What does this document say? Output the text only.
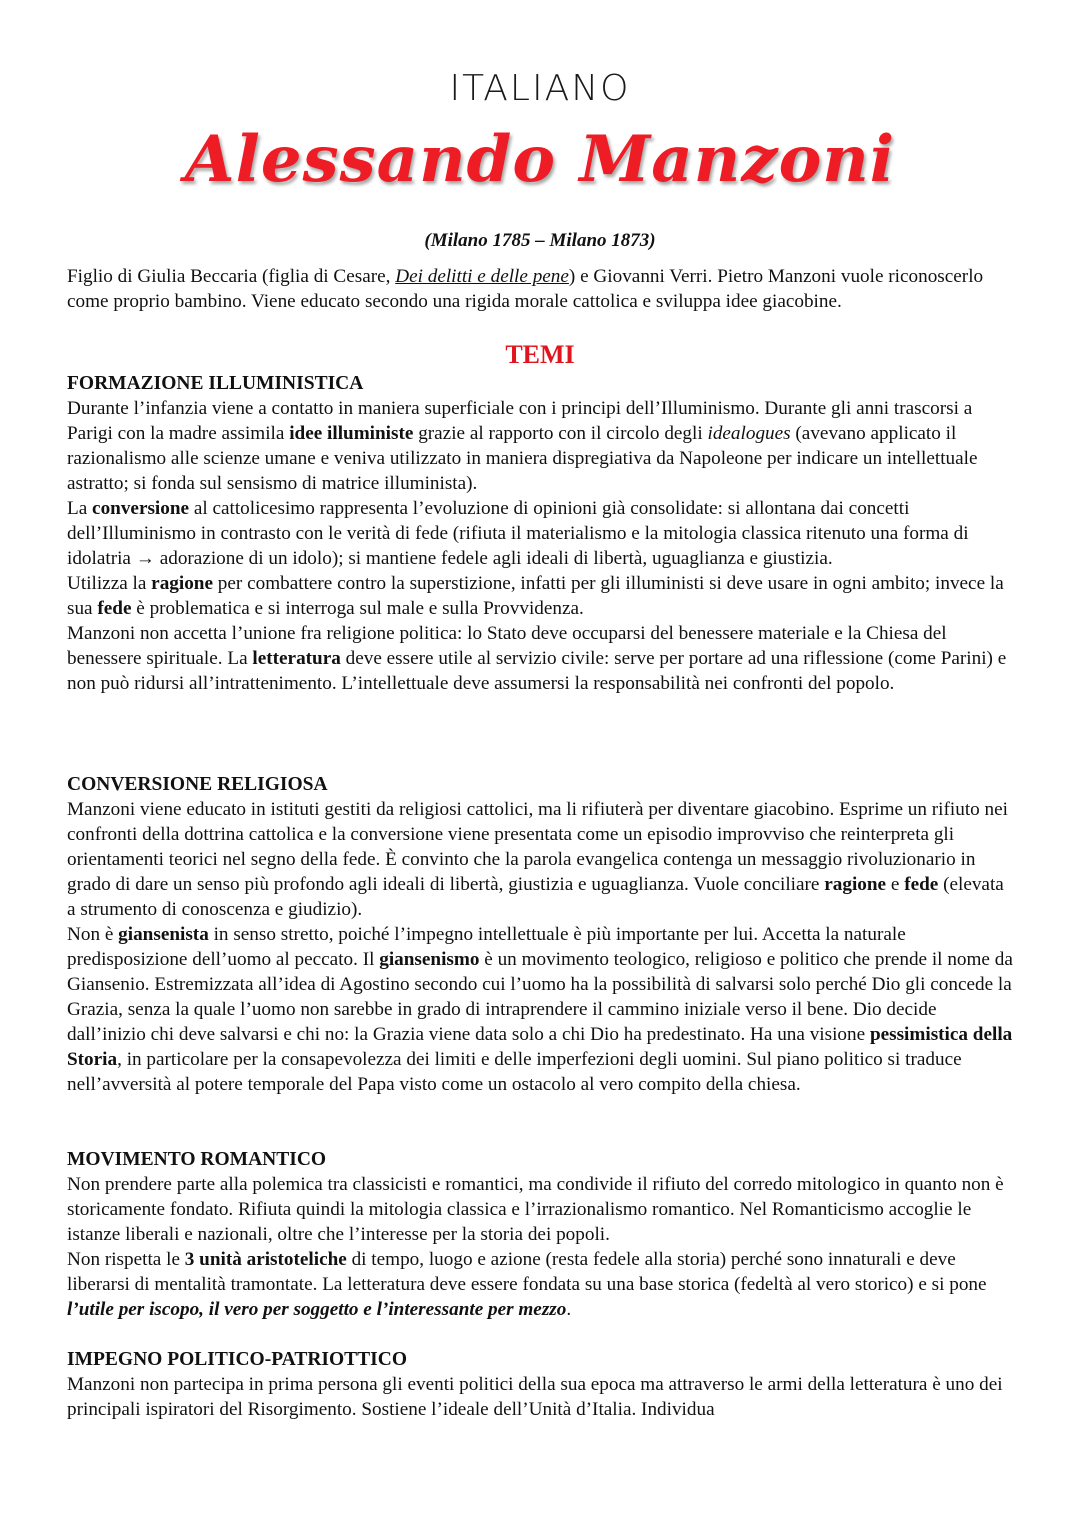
ITALIANO
Alessando Manzoni
(Milano 1785 – Milano 1873)

Figlio di Giulia Beccaria (figlia di Cesare, Dei delitti e delle pene) e Giovanni Verri. Pietro Manzoni vuole riconoscerlo come proprio bambino. Viene educato secondo una rigida morale cattolica e sviluppa idee giacobine.

TEMI
FORMAZIONE ILLUMINISTICA

Durante l’infanzia viene a contatto in maniera superficiale con i principi dell’Illuminismo. Durante gli anni trascorsi a Parigi con la madre assimila idee illuministe grazie al rapporto con il circolo degli idealogues (avevano applicato il razionalismo alle scienze umane e veniva utilizzato in maniera dispregiativa da Napoleone per indicare un intellettuale astratto; si fonda sul sensismo di matrice illuminista).

La conversione al cattolicesimo rappresenta l’evoluzione di opinioni già consolidate: si allontana dai concetti dell’Illuminismo in contrasto con le verità di fede (rifiuta il materialismo e la mitologia classica ritenuto una forma di idolatria → adorazione di un idolo); si mantiene fedele agli ideali di libertà, uguaglianza e giustizia.

Utilizza la ragione per combattere contro la superstizione, infatti per gli illuministi si deve usare in ogni ambito; invece la sua fede è problematica e si interroga sul male e sulla Provvidenza.

Manzoni non accetta l’unione fra religione politica: lo Stato deve occuparsi del benessere materiale e la Chiesa del benessere spirituale. La letteratura deve essere utile al servizio civile: serve per portare ad una riflessione (come Parini) e non può ridursi all’intrattenimento. L’intellettuale deve assumersi la responsabilità nei confronti del popolo.

CONVERSIONE RELIGIOSA

Manzoni viene educato in istituti gestiti da religiosi cattolici, ma li rifiuterà per diventare giacobino. Esprime un rifiuto nei confronti della dottrina cattolica e la conversione viene presentata come un episodio improvviso che reinterpreta gli orientamenti teorici nel segno della fede. È convinto che la parola evangelica contenga un messaggio rivoluzionario in grado di dare un senso più profondo agli ideali di libertà, giustizia e uguaglianza. Vuole conciliare ragione e fede (elevata a strumento di conoscenza e giudizio).

Non è giansenista in senso stretto, poiché l’impegno intellettuale è più importante per lui. Accetta la naturale predisposizione dell’uomo al peccato. Il giansenismo è un movimento teologico, religioso e politico che prende il nome da Giansenio. Estremizzata all’idea di Agostino secondo cui l’uomo ha la possibilità di salvarsi solo perché Dio gli concede la Grazia, senza la quale l’uomo non sarebbe in grado di intraprendere il cammino iniziale verso il bene. Dio decide dall’inizio chi deve salvarsi e chi no: la Grazia viene data solo a chi Dio ha predestinato. Ha una visione pessimistica della Storia, in particolare per la consapevolezza dei limiti e delle imperfezioni degli uomini. Sul piano politico si traduce nell’avversità al potere temporale del Papa visto come un ostacolo al vero compito della chiesa.

MOVIMENTO ROMANTICO

Non prendere parte alla polemica tra classicisti e romantici, ma condivide il rifiuto del corredo mitologico in quanto non è storicamente fondato. Rifiuta quindi la mitologia classica e l’irrazionalismo romantico. Nel Romanticismo accoglie le istanze liberali e nazionali, oltre che l’interesse per la storia dei popoli.

Non rispetta le 3 unità aristoteliche di tempo, luogo e azione (resta fedele alla storia) perché sono innaturali e deve liberarsi di mentalità tramontate. La letteratura deve essere fondata su una base storica (fedeltà al vero storico) e si pone l’utile per iscopo, il vero per soggetto e l’interessante per mezzo.

IMPEGNO POLITICO-PATRIOTTICO

Manzoni non partecipa in prima persona gli eventi politici della sua epoca ma attraverso le armi della letteratura è uno dei principali ispiratori del Risorgimento. Sostiene l’ideale dell’Unità d’Italia. Individua
